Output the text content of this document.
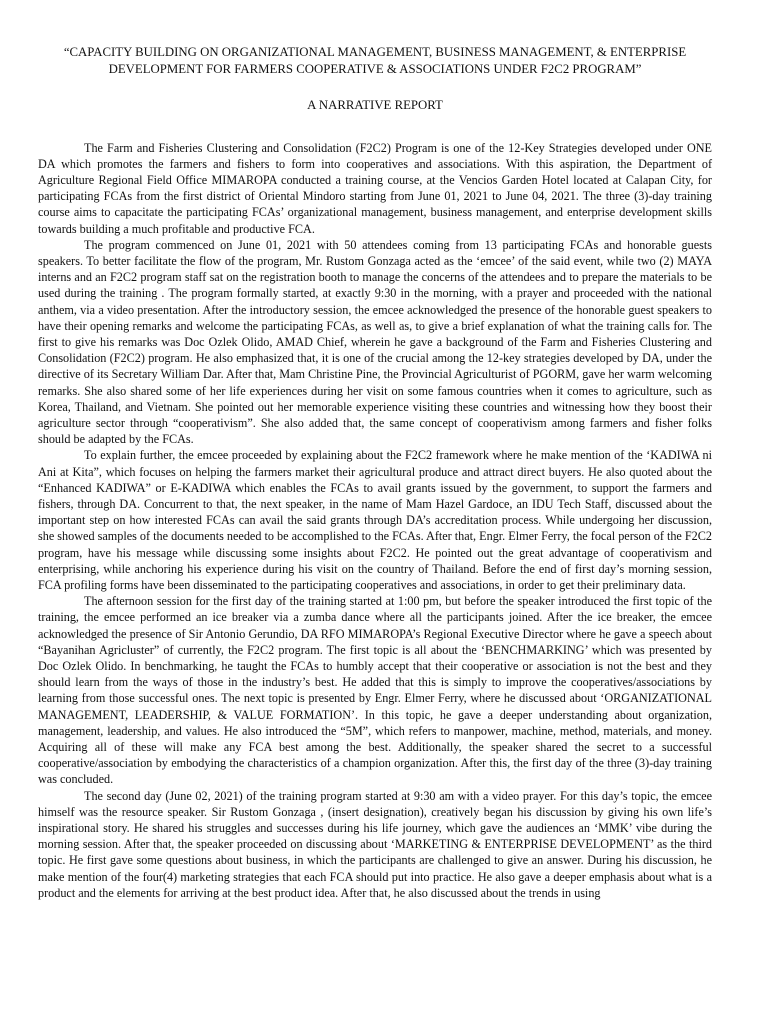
“CAPACITY BUILDING ON ORGANIZATIONAL MANAGEMENT, BUSINESS MANAGEMENT, & ENTERPRISE DEVELOPMENT FOR FARMERS COOPERATIVE & ASSOCIATIONS UNDER F2C2 PROGRAM”
A NARRATIVE REPORT

The Farm and Fisheries Clustering and Consolidation (F2C2) Program is one of the 12-Key Strategies developed under ONE DA which promotes the farmers and fishers to form into cooperatives and associations. With this aspiration, the Department of Agriculture Regional Field Office MIMAROPA conducted a training course, at the Vencios Garden Hotel located at Calapan City, for participating FCAs from the first district of Oriental Mindoro starting from June 01, 2021 to June 04, 2021. The three (3)-day training course aims to capacitate the participating FCAs’ organizational management, business management, and enterprise development skills towards building a much profitable and productive FCA.

The program commenced on June 01, 2021 with 50 attendees coming from 13 participating FCAs and honorable guests speakers. To better facilitate the flow of the program, Mr. Rustom Gonzaga acted as the ‘emcee’ of the said event, while two (2) MAYA interns and an F2C2 program staff sat on the registration booth to manage the concerns of the attendees and to prepare the materials to be used during the training . The program formally started, at exactly 9:30 in the morning, with a prayer and proceeded with the national anthem, via a video presentation. After the introductory session, the emcee acknowledged the presence of the honorable guest speakers to have their opening remarks and welcome the participating FCAs, as well as, to give a brief explanation of what the training calls for. The first to give his remarks was Doc Ozlek Olido, AMAD Chief, wherein he gave a background of the Farm and Fisheries Clustering and Consolidation (F2C2) program. He also emphasized that, it is one of the crucial among the 12-key strategies developed by DA, under the directive of its Secretary William Dar. After that, Mam Christine Pine, the Provincial Agriculturist of PGORM, gave her warm welcoming remarks. She also shared some of her life experiences during her visit on some famous countries when it comes to agriculture, such as Korea, Thailand, and Vietnam. She pointed out her memorable experience visiting these countries and witnessing how they boost their agriculture sector through “cooperativism”. She also added that, the same concept of cooperativism among farmers and fisher folks should be adapted by the FCAs.

To explain further, the emcee proceeded by explaining about the F2C2 framework where he make mention of the ‘KADIWA ni Ani at Kita”, which focuses on helping the farmers market their agricultural produce and attract direct buyers. He also quoted about the “Enhanced KADIWA” or E-KADIWA which enables the FCAs to avail grants issued by the government, to support the farmers and fishers, through DA. Concurrent to that, the next speaker, in the name of Mam Hazel Gardoce, an IDU Tech Staff, discussed about the important step on how interested FCAs can avail the said grants through DA’s accreditation process. While undergoing her discussion, she showed samples of the documents needed to be accomplished to the FCAs. After that, Engr. Elmer Ferry, the focal person of the F2C2 program, have his message while discussing some insights about F2C2. He pointed out the great advantage of cooperativism and enterprising, while anchoring his experience during his visit on the country of Thailand. Before the end of first day’s morning session, FCA profiling forms have been disseminated to the participating cooperatives and associations, in order to get their preliminary data.

The afternoon session for the first day of the training started at 1:00 pm, but before the speaker introduced the first topic of the training, the emcee performed an ice breaker via a zumba dance where all the participants joined. After the ice breaker, the emcee acknowledged the presence of Sir Antonio Gerundio, DA RFO MIMAROPA’s Regional Executive Director where he gave a speech about “Bayanihan Agricluster” of currently, the F2C2 program. The first topic is all about the ‘BENCHMARKING’ which was presented by Doc Ozlek Olido. In benchmarking, he taught the FCAs to humbly accept that their cooperative or association is not the best and they should learn from the ways of those in the industry’s best. He added that this is simply to improve the cooperatives/associations by learning from those successful ones. The next topic is presented by Engr. Elmer Ferry, where he discussed about ‘ORGANIZATIONAL MANAGEMENT, LEADERSHIP, & VALUE FORMATION’. In this topic, he gave a deeper understanding about organization, management, leadership, and values. He also introduced the “5M”, which refers to manpower, machine, method, materials, and money. Acquiring all of these will make any FCA best among the best. Additionally, the speaker shared the secret to a successful cooperative/association by embodying the characteristics of a champion organization. After this, the first day of the three (3)-day training was concluded.

The second day (June 02, 2021) of the training program started at 9:30 am with a video prayer. For this day’s topic, the emcee himself was the resource speaker. Sir Rustom Gonzaga , (insert designation), creatively began his discussion by giving his own life’s inspirational story. He shared his struggles and successes during his life journey, which gave the audiences an ‘MMK’ vibe during the morning session. After that, the speaker proceeded on discussing about ‘MARKETING & ENTERPRISE DEVELOPMENT’ as the third topic. He first gave some questions about business, in which the participants are challenged to give an answer. During his discussion, he make mention of the four(4) marketing strategies that each FCA should put into practice. He also gave a deeper emphasis about what is a product and the elements for arriving at the best product idea. After that, he also discussed about the trends in using
